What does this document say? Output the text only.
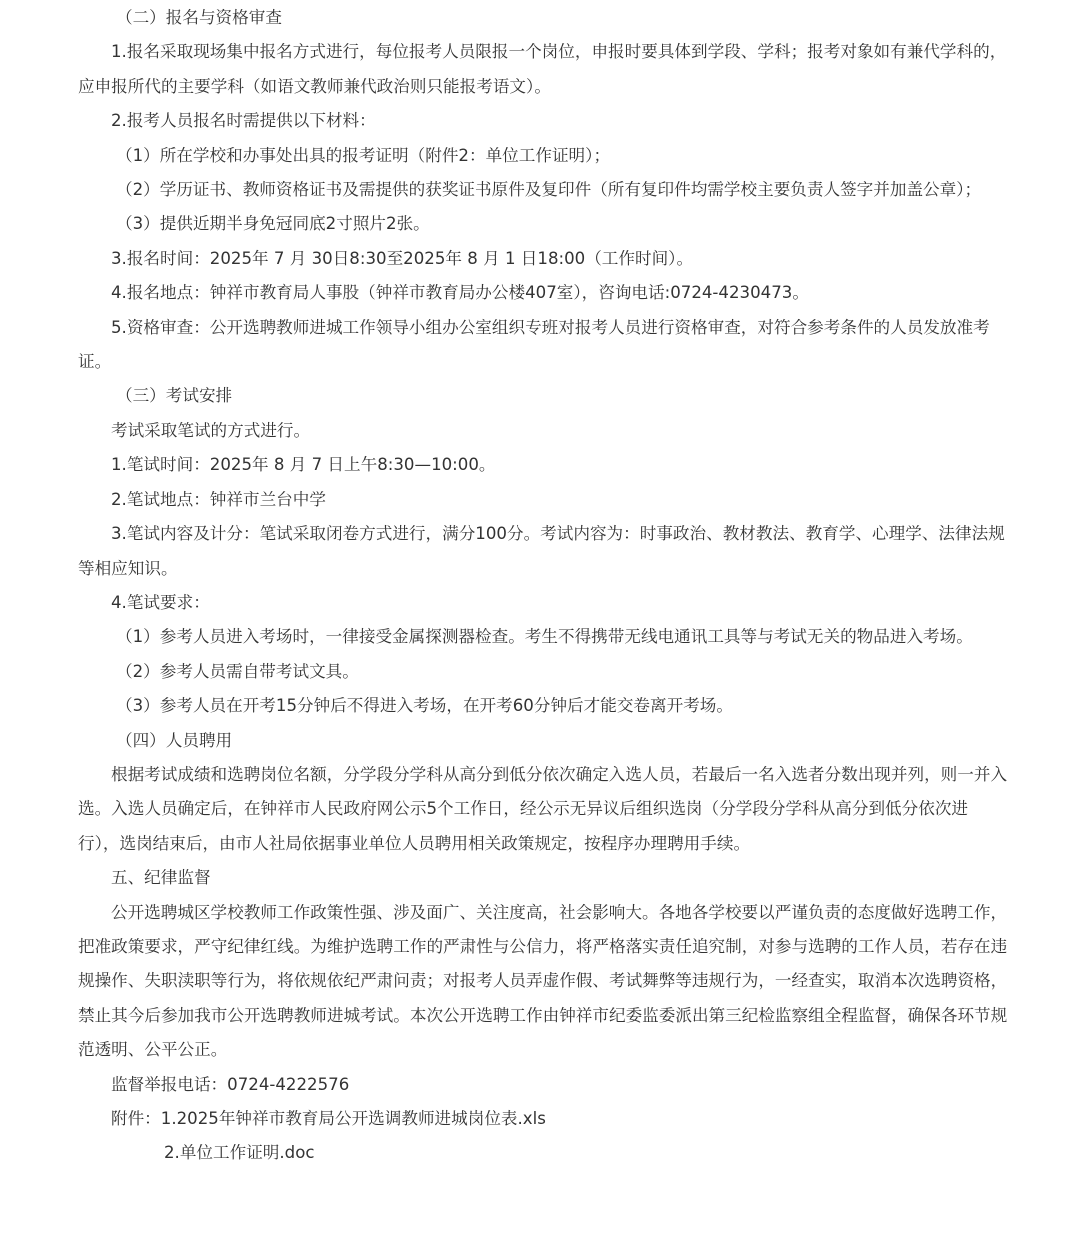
（二）报名与资格审查

1.报名采取现场集中报名方式进行，每位报考人员限报一个岗位，申报时要具体到学段、学科；报考对象如有兼代学科的，应申报所代的主要学科（如语文教师兼代政治则只能报考语文）。

2.报考人员报名时需提供以下材料：

（1）所在学校和办事处出具的报考证明（附件2：单位工作证明）；

（2）学历证书、教师资格证书及需提供的获奖证书原件及复印件（所有复印件均需学校主要负责人签字并加盖公章）；

（3）提供近期半身免冠同底2寸照片2张。

3.报名时间：2025年 7 月 30日8:30至2025年 8 月 1 日18:00（工作时间）。

4.报名地点：钟祥市教育局人事股（钟祥市教育局办公楼407室），咨询电话:0724-4230473。

5.资格审查：公开选聘教师进城工作领导小组办公室组织专班对报考人员进行资格审查，对符合参考条件的人员发放准考证。

（三）考试安排

考试采取笔试的方式进行。

1.笔试时间：2025年 8 月 7 日上午8:30—10:00。

2.笔试地点：钟祥市兰台中学

3.笔试内容及计分：笔试采取闭卷方式进行，满分100分。考试内容为：时事政治、教材教法、教育学、心理学、法律法规等相应知识。

4.笔试要求：

（1）参考人员进入考场时，一律接受金属探测器检查。考生不得携带无线电通讯工具等与考试无关的物品进入考场。

（2）参考人员需自带考试文具。

（3）参考人员在开考15分钟后不得进入考场，在开考60分钟后才能交卷离开考场。

（四）人员聘用

根据考试成绩和选聘岗位名额，分学段分学科从高分到低分依次确定入选人员，若最后一名入选者分数出现并列，则一并入选。入选人员确定后，在钟祥市人民政府网公示5个工作日，经公示无异议后组织选岗（分学段分学科从高分到低分依次进行），选岗结束后，由市人社局依据事业单位人员聘用相关政策规定，按程序办理聘用手续。

五、纪律监督

公开选聘城区学校教师工作政策性强、涉及面广、关注度高，社会影响大。各地各学校要以严谨负责的态度做好选聘工作，把准政策要求，严守纪律红线。为维护选聘工作的严肃性与公信力，将严格落实责任追究制，对参与选聘的工作人员，若存在违规操作、失职渎职等行为，将依规依纪严肃问责；对报考人员弄虚作假、考试舞弊等违规行为，一经查实，取消本次选聘资格，禁止其今后参加我市公开选聘教师进城考试。本次公开选聘工作由钟祥市纪委监委派出第三纪检监察组全程监督，确保各环节规范透明、公平公正。

监督举报电话：0724-4222576

附件：1.2025年钟祥市教育局公开选调教师进城岗位表.xls

2.单位工作证明.doc
